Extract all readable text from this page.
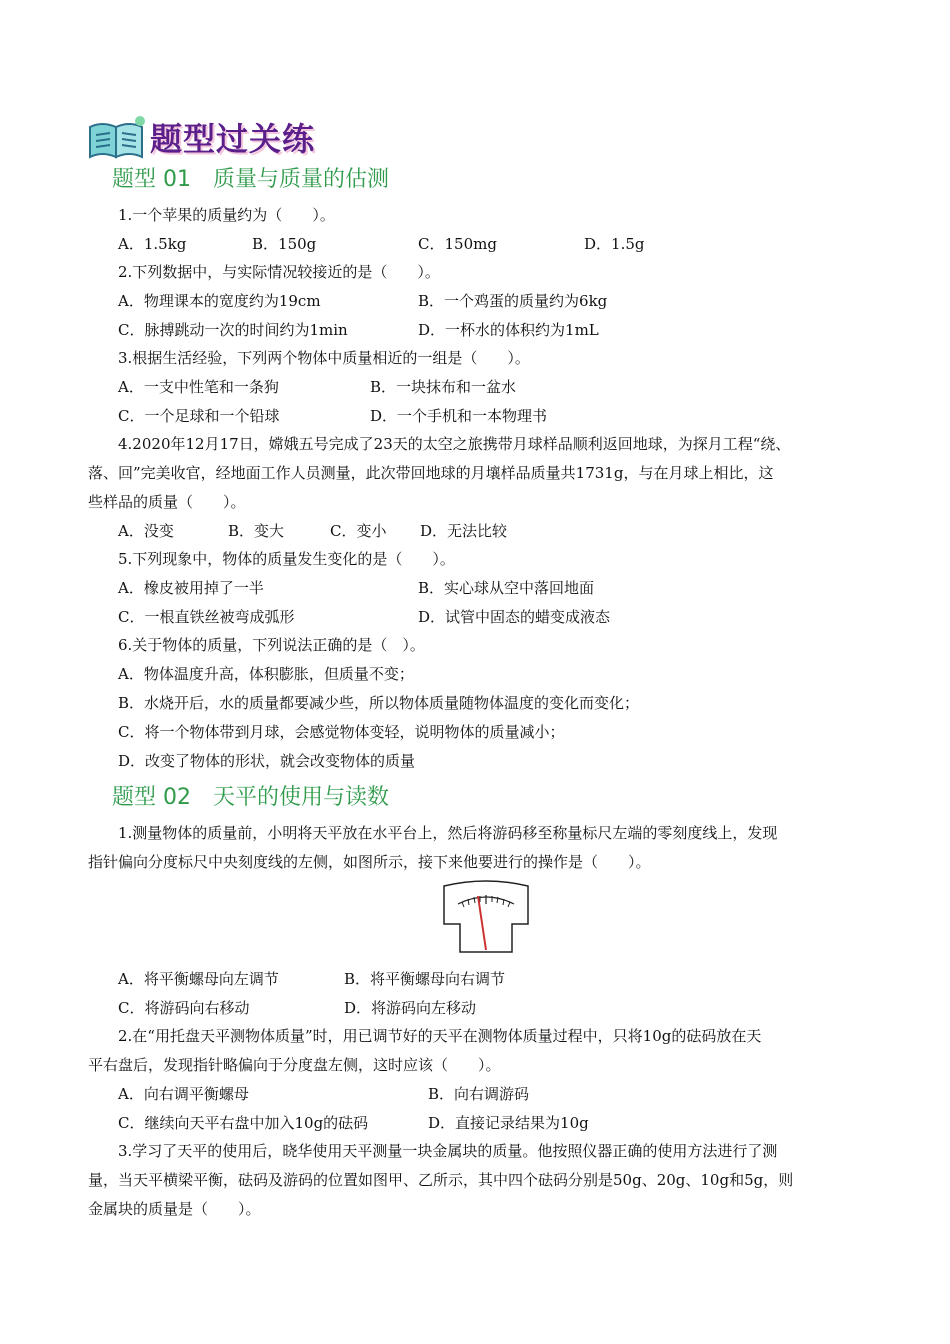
题型过关练
题型 01　质量与质量的估测
1.一个苹果的质量约为（　　）。
A．1.5kg	B．150g	C．150mg	D．1.5g
2.下列数据中，与实际情况较接近的是（　　）。
A．物理课本的宽度约为19cm	B．一个鸡蛋的质量约为6kg
C．脉搏跳动一次的时间约为1min	D．一杯水的体积约为1mL
3.根据生活经验，下列两个物体中质量相近的一组是（　　）。
A．一支中性笔和一条狗	B．一块抹布和一盆水
C．一个足球和一个铅球	D．一个手机和一本物理书
4.2020年12月17日，嫦娥五号完成了23天的太空之旅携带月球样品顺利返回地球，为探月工程“绕、
落、回”完美收官，经地面工作人员测量，此次带回地球的月壤样品质量共1731g，与在月球上相比，这
些样品的质量（　　）。
A．没变	B．变大	C．变小 D．无法比较
5.下列现象中，物体的质量发生变化的是（　　）。
A．橡皮被用掉了一半	B．实心球从空中落回地面
C．一根直铁丝被弯成弧形	D．试管中固态的蜡变成液态
6.关于物体的质量，下列说法正确的是（　）。
A．物体温度升高，体积膨胀，但质量不变；
B．水烧开后，水的质量都要减少些，所以物体质量随物体温度的变化而变化；
C．将一个物体带到月球，会感觉物体变轻，说明物体的质量减小；
D．改变了物体的形状，就会改变物体的质量
题型 02　天平的使用与读数
1.测量物体的质量前，小明将天平放在水平台上，然后将游码移至称量标尺左端的零刻度线上，发现
指针偏向分度标尺中央刻度线的左侧，如图所示，接下来他要进行的操作是（　　）。
A．将平衡螺母向左调节	B．将平衡螺母向右调节
C．将游码向右移动	D．将游码向左移动
2.在“用托盘天平测物体质量”时，用已调节好的天平在测物体质量过程中，只将10g的砝码放在天
平右盘后，发现指针略偏向于分度盘左侧，这时应该（　　）。
A．向右调平衡螺母	B．向右调游码
C．继续向天平右盘中加入10g的砝码	D．直接记录结果为10g
3.学习了天平的使用后，晓华使用天平测量一块金属块的质量。他按照仪器正确的使用方法进行了测
量，当天平横梁平衡，砝码及游码的位置如图甲、乙所示，其中四个砝码分别是50g、20g、10g和5g，则
金属块的质量是（　　）。
